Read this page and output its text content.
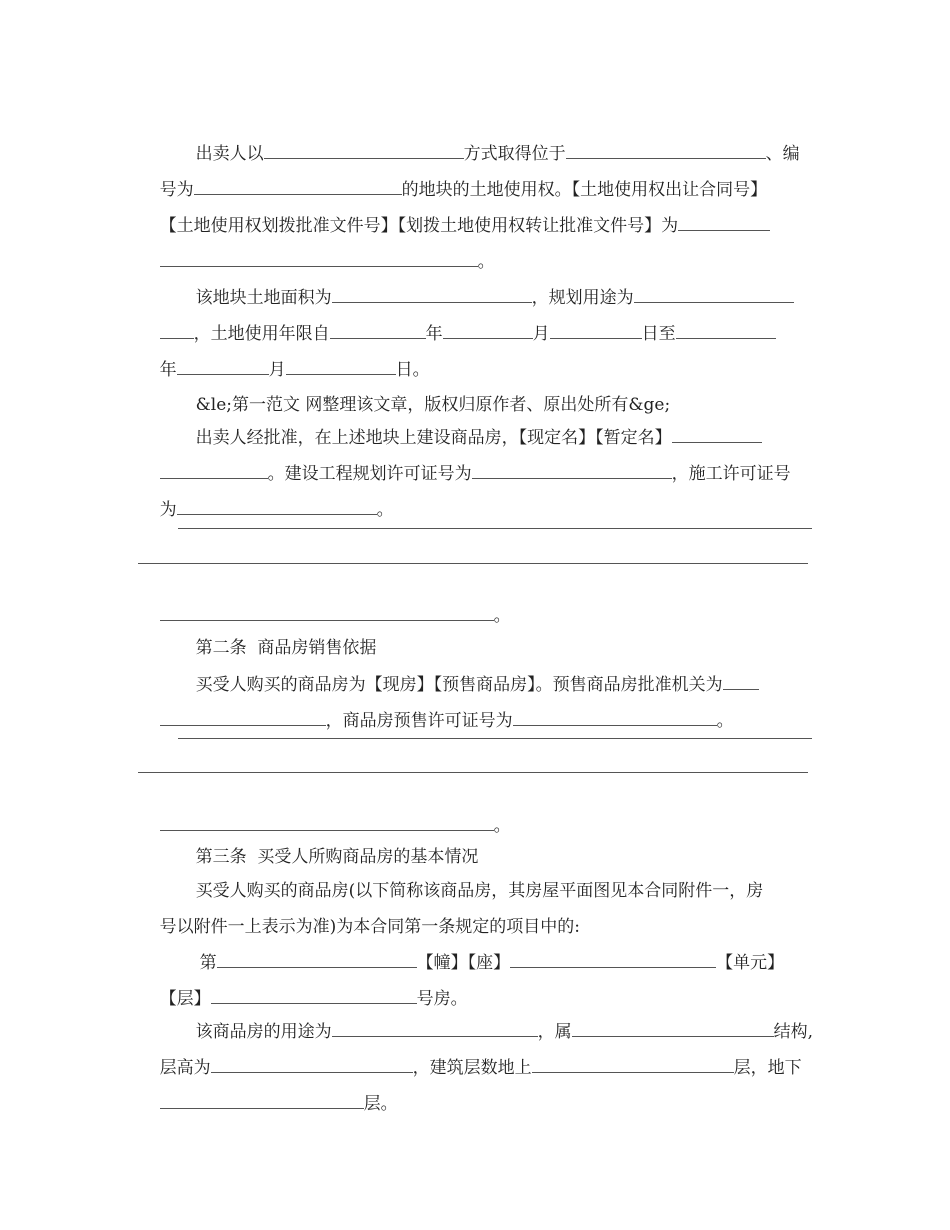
出卖人以	方式取得位于	、编

号为	的地块的土地使用权。【土地使用权出让合同号】

【土地使用权划拨批准文件号】【划拨土地使用权转让批准文件号】为

。

该地块土地面积为	，规划用途为

，土地使用年限自	年	月	日至

年	月	日。

&le;第一范文 网整理该文章，版权归原作者、原出处所有&ge;

出卖人经批准，在上述地块上建设商品房，【现定名】【暂定名】

。建设工程规划许可证号为	，施工许可证号

为	。

。

第二条  商品房销售依据

买受人购买的商品房为【现房】【预售商品房】。预售商品房批准机关为

，商品房预售许可证号为	。

。

第三条  买受人所购商品房的基本情况

买受人购买的商品房(以下简称该商品房，其房屋平面图见本合同附件一，房

号以附件一上表示为准)为本合同第一条规定的项目中的:

第	【幢】【座】	【单元】

【层】	号房。

该商品房的用途为	，属	结构,

层高为	，建筑层数地上	层，地下

层。
